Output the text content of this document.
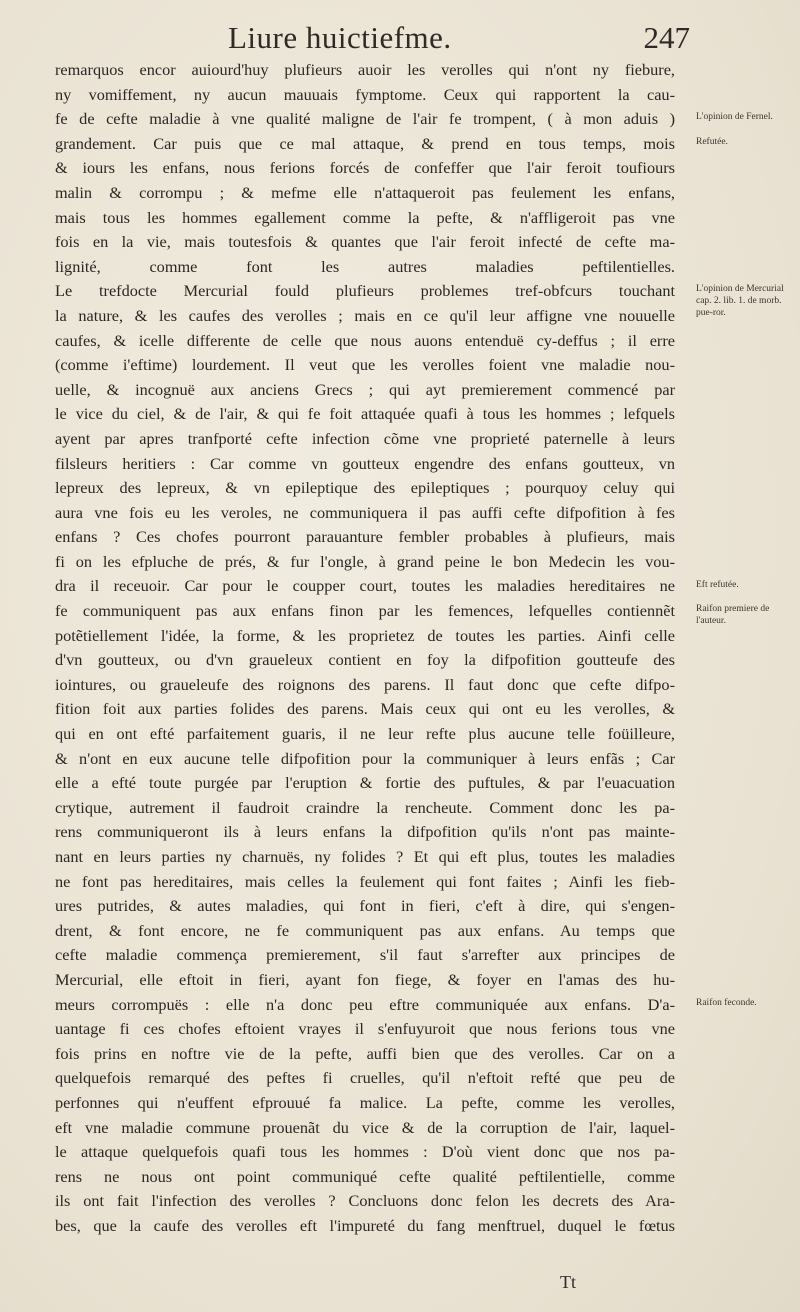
Liure huictiefme.	247
remarquos encor auiourd'huy plufieurs auoir les verolles qui n'ont ny fiebure,
ny vomiffement, ny aucun mauuais fymptome. Ceux qui rapportent la cau-
fe de cefte maladie à vne qualité maligne de l'air fe trompent, ( à mon aduis )
grandement. Car puis que ce mal attaque, & prend en tous temps, mois
& iours les enfans, nous ferions forcés de confeffer que l'air feroit toufiours
malin & corrompu ; & mefme elle n'attaqueroit pas feulement les enfans,
mais tous les hommes egallement comme la pefte, & n'affligeroit pas vne
fois en la vie, mais toutesfois & quantes que l'air feroit infecté de cefte ma-
lignité, comme font les autres maladies peftilentielles.
Le trefdocte Mercurial fould plufieurs problemes tref-obfcurs touchant
la nature, & les caufes des verolles ; mais en ce qu'il leur affigne vne nouuelle
caufes, & icelle differente de celle que nous auons entenduë cy-deffus ; il erre
(comme i'eftime) lourdement. Il veut que les verolles foient vne maladie nou-
uelle, & incognuë aux anciens Grecs ; qui ayt premierement commencé par
le vice du ciel, & de l'air, & qui fe foit attaquée quafi à tous les hommes ; lefquels
ayent par apres tranfporté cefte infection cõme vne proprieté paternelle à leurs
filsleurs heritiers : Car comme vn goutteux engendre des enfans goutteux, vn
lepreux des lepreux, & vn epileptique des epileptiques ; pourquoy celuy qui
aura vne fois eu les veroles, ne communiquera il pas auffi cefte difpofition à fes
enfans ? Ces chofes pourront parauanture fembler probables à plufieurs, mais
fi on les efpluche de prés, & fur l'ongle, à grand peine le bon Medecin les vou-
dra il receuoir. Car pour le coupper court, toutes les maladies hereditaires ne
fe communiquent pas aux enfans finon par les femences, lefquelles contiennẽt
potẽtiellement l'idée, la forme, & les proprietez de toutes les parties. Ainfi celle
d'vn goutteux, ou d'vn graueleux contient en foy la difpofition goutteufe des
iointures, ou graueleufe des roignons des parens. Il faut donc que cefte difpo-
fition foit aux parties folides des parens. Mais ceux qui ont eu les verolles, &
qui en ont efté parfaitement guaris, il ne leur refte plus aucune telle foüilleure,
& n'ont en eux aucune telle difpofition pour la communiquer à leurs enfãs ; Car
elle a efté toute purgée par l'eruption & fortie des puftules, & par l'euacuation
crytique, autrement il faudroit craindre la rencheute. Comment donc les pa-
rens communiqueront ils à leurs enfans la difpofition qu'ils n'ont pas mainte-
nant en leurs parties ny charnuës, ny folides ? Et qui eft plus, toutes les maladies
ne font pas hereditaires, mais celles la feulement qui font faites ; Ainfi les fieb-
ures putrides, & autes maladies, qui font in fieri, c'eft à dire, qui s'engen-
drent, & font encore, ne fe communiquent pas aux enfans. Au temps que
cefte maladie commença premierement, s'il faut s'arrefter aux principes de
Mercurial, elle eftoit in fieri, ayant fon fiege, & foyer en l'amas des hu-
meurs corrompuës : elle n'a donc peu eftre communiquée aux enfans. D'a-
uantage fi ces chofes eftoient vrayes il s'enfuyuroit que nous ferions tous vne
fois prins en noftre vie de la pefte, auffi bien que des verolles. Car on a
quelquefois remarqué des peftes fi cruelles, qu'il n'eftoit refté que peu de
perfonnes qui n'euffent efprouué fa malice. La pefte, comme les verolles,
eft vne maladie commune prouenãt du vice & de la corruption de l'air, laquel-
le attaque quelquefois quafi tous les hommes : D'où vient donc que nos pa-
rens ne nous ont point communiqué cefte qualité peftilentielle, comme
ils ont fait l'infection des verolles ? Concluons donc felon les decrets des Ara-
bes, que la caufe des verolles eft l'impureté du fang menftruel, duquel le fœtus
L'opinion de Fernel.
Refutée.
L'opinion de Mercurial cap. 2. lib. 1. de morb. pue-ror.
Eft refutée.
Raifon premiere de l'auteur.
Raifon feconde.
Tt
